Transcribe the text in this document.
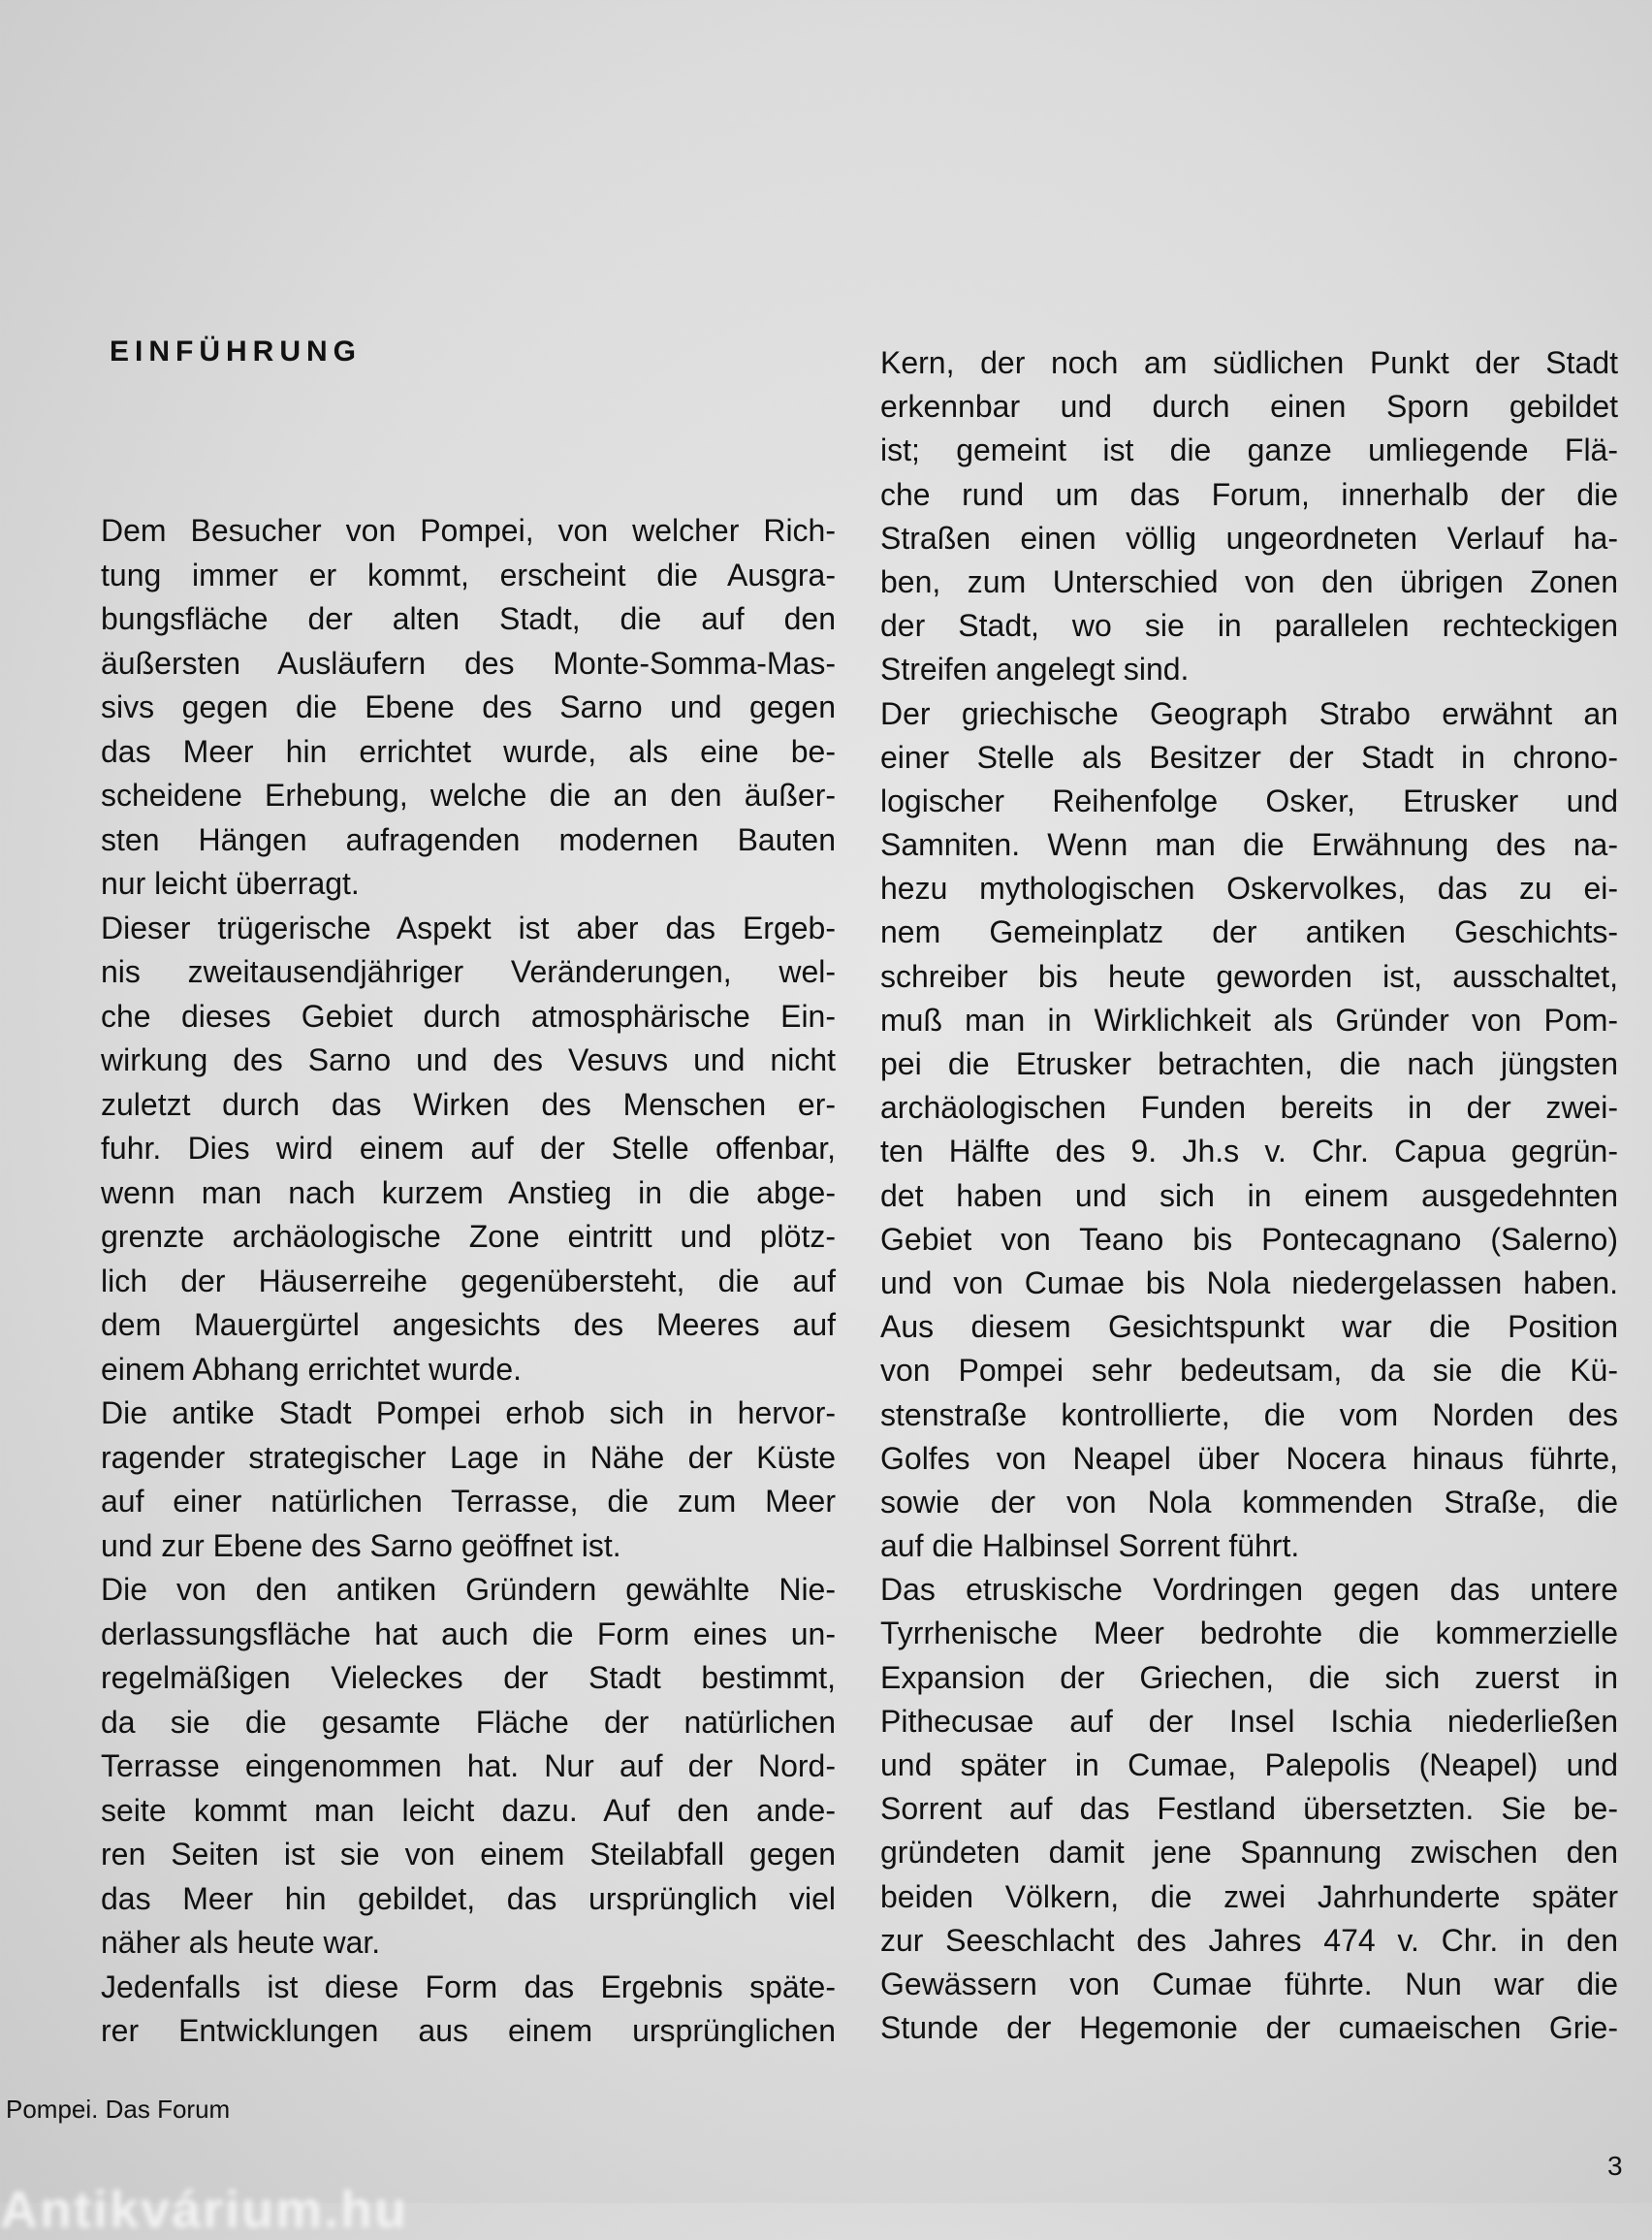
EINFÜHRUNG
Dem Besucher von Pompei, von welcher Rich-
tung immer er kommt, erscheint die Ausgra-
bungsfläche der alten Stadt, die auf den
äußersten Ausläufern des Monte-Somma-Mas-
sivs gegen die Ebene des Sarno und gegen
das Meer hin errichtet wurde, als eine be-
scheidene Erhebung, welche die an den äußer-
sten Hängen aufragenden modernen Bauten
nur leicht überragt.
Dieser trügerische Aspekt ist aber das Ergeb-
nis zweitausendjähriger Veränderungen, wel-
che dieses Gebiet durch atmosphärische Ein-
wirkung des Sarno und des Vesuvs und nicht
zuletzt durch das Wirken des Menschen er-
fuhr. Dies wird einem auf der Stelle offenbar,
wenn man nach kurzem Anstieg in die abge-
grenzte archäologische Zone eintritt und plötz-
lich der Häuserreihe gegenübersteht, die auf
dem Mauergürtel angesichts des Meeres auf
einem Abhang errichtet wurde.
Die antike Stadt Pompei erhob sich in hervor-
ragender strategischer Lage in Nähe der Küste
auf einer natürlichen Terrasse, die zum Meer
und zur Ebene des Sarno geöffnet ist.
Die von den antiken Gründern gewählte Nie-
derlassungsfläche hat auch die Form eines un-
regelmäßigen Vieleckes der Stadt bestimmt,
da sie die gesamte Fläche der natürlichen
Terrasse eingenommen hat. Nur auf der Nord-
seite kommt man leicht dazu. Auf den ande-
ren Seiten ist sie von einem Steilabfall gegen
das Meer hin gebildet, das ursprünglich viel
näher als heute war.
Jedenfalls ist diese Form das Ergebnis späte-
rer Entwicklungen aus einem ursprünglichen
Kern, der noch am südlichen Punkt der Stadt
erkennbar und durch einen Sporn gebildet
ist; gemeint ist die ganze umliegende Flä-
che rund um das Forum, innerhalb der die
Straßen einen völlig ungeordneten Verlauf ha-
ben, zum Unterschied von den übrigen Zonen
der Stadt, wo sie in parallelen rechteckigen
Streifen angelegt sind.
Der griechische Geograph Strabo erwähnt an
einer Stelle als Besitzer der Stadt in chrono-
logischer Reihenfolge Osker, Etrusker und
Samniten. Wenn man die Erwähnung des na-
hezu mythologischen Oskervolkes, das zu ei-
nem Gemeinplatz der antiken Geschichts-
schreiber bis heute geworden ist, ausschaltet,
muß man in Wirklichkeit als Gründer von Pom-
pei die Etrusker betrachten, die nach jüngsten
archäologischen Funden bereits in der zwei-
ten Hälfte des 9. Jh.s v. Chr. Capua gegrün-
det haben und sich in einem ausgedehnten
Gebiet von Teano bis Pontecagnano (Salerno)
und von Cumae bis Nola niedergelassen haben.
Aus diesem Gesichtspunkt war die Position
von Pompei sehr bedeutsam, da sie die Kü-
stenstraße kontrollierte, die vom Norden des
Golfes von Neapel über Nocera hinaus führte,
sowie der von Nola kommenden Straße, die
auf die Halbinsel Sorrent führt.
Das etruskische Vordringen gegen das untere
Tyrrhenische Meer bedrohte die kommerzielle
Expansion der Griechen, die sich zuerst in
Pithecusae auf der Insel Ischia niederließen
und später in Cumae, Palepolis (Neapel) und
Sorrent auf das Festland übersetzten. Sie be-
gründeten damit jene Spannung zwischen den
beiden Völkern, die zwei Jahrhunderte später
zur Seeschlacht des Jahres 474 v. Chr. in den
Gewässern von Cumae führte. Nun war die
Stunde der Hegemonie der cumaeischen Grie-
Pompei. Das Forum
3
Antikvárium.hu
